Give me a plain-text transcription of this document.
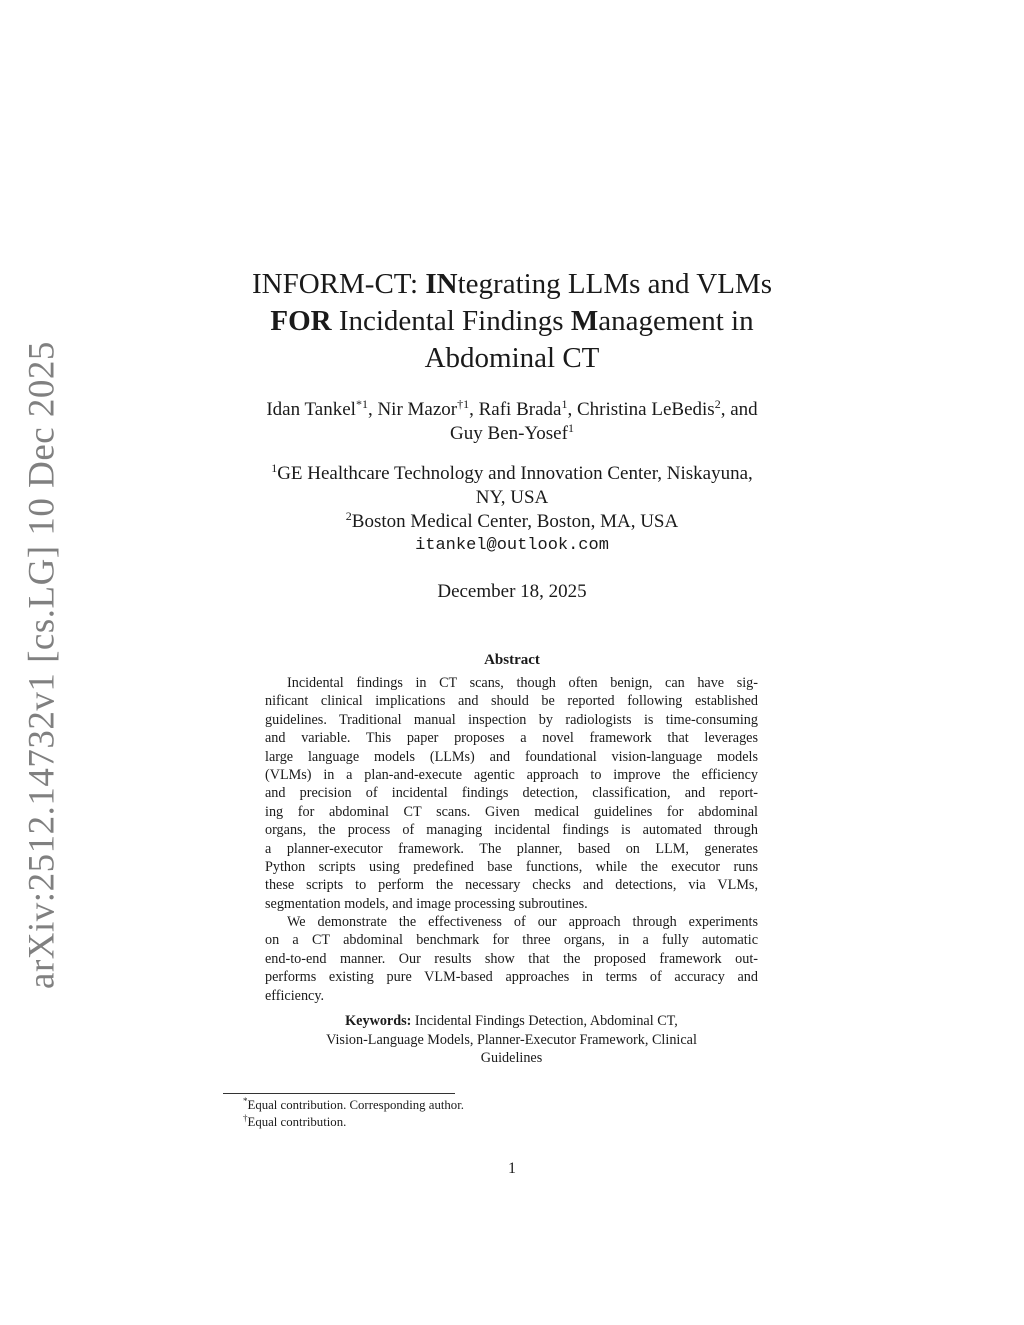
arXiv:2512.14732v1 [cs.LG] 10 Dec 2025
INFORM-CT: INtegrating LLMs and VLMs
FOR Incidental Findings Management in
Abdominal CT
Idan Tankel$^{*1}$, Nir Mazor$^{\dagger 1}$, Rafi Brada$^1$, Christina LeBedis$^2$, and
Guy Ben-Yosef$^1$
$^1$GE Healthcare Technology and Innovation Center, Niskayuna,
NY, USA
$^2$Boston Medical Center, Boston, MA, USA
itankel@outlook.com
December 18, 2025
Abstract
Incidental findings in CT scans, though often benign, can have sig-
nificant clinical implications and should be reported following established
guidelines. Traditional manual inspection by radiologists is time-consuming
and variable. This paper proposes a novel framework that leverages
large language models (LLMs) and foundational vision-language models
(VLMs) in a plan-and-execute agentic approach to improve the efficiency
and precision of incidental findings detection, classification, and report-
ing for abdominal CT scans. Given medical guidelines for abdominal
organs, the process of managing incidental findings is automated through
a planner-executor framework. The planner, based on LLM, generates
Python scripts using predefined base functions, while the executor runs
these scripts to perform the necessary checks and detections, via VLMs,
segmentation models, and image processing subroutines.
We demonstrate the effectiveness of our approach through experiments
on a CT abdominal benchmark for three organs, in a fully automatic
end-to-end manner. Our results show that the proposed framework out-
performs existing pure VLM-based approaches in terms of accuracy and
efficiency.
Keywords: Incidental Findings Detection, Abdominal CT,
Vision-Language Models, Planner-Executor Framework, Clinical
Guidelines
*Equal contribution. Corresponding author.
†Equal contribution.
1
